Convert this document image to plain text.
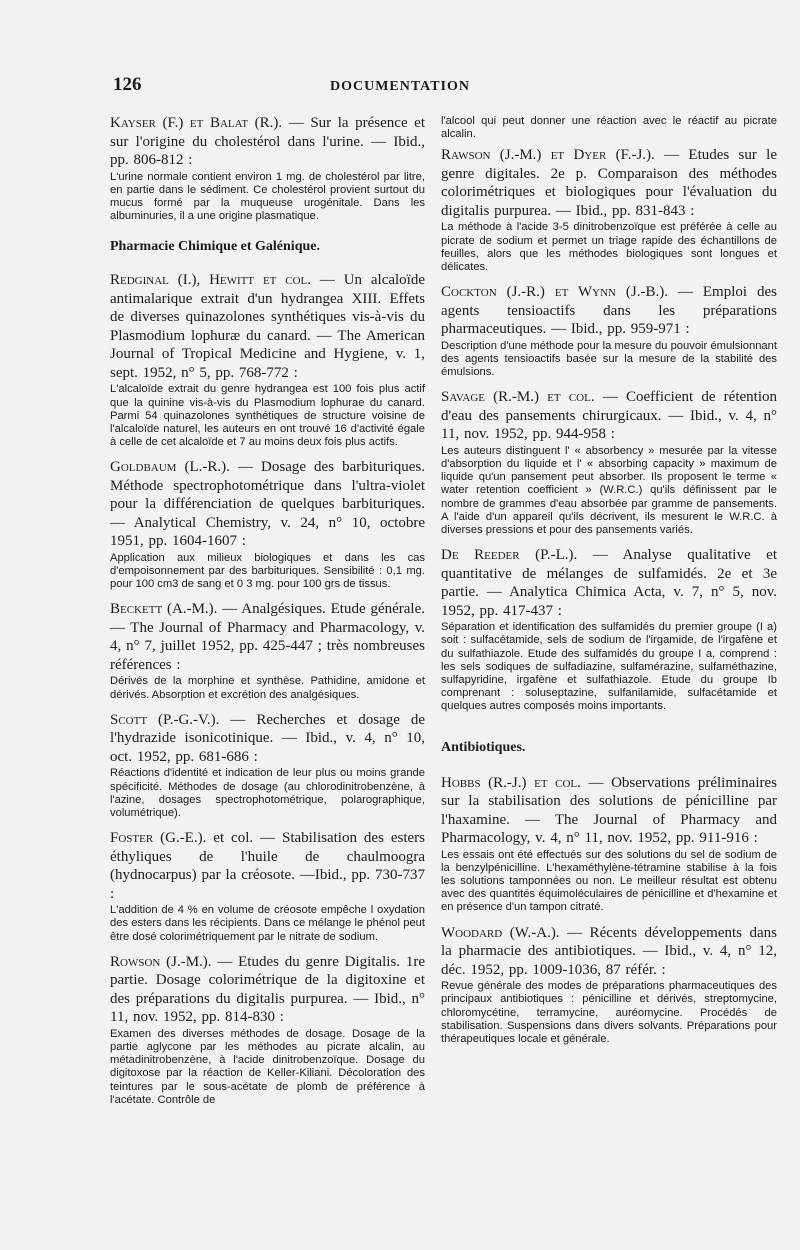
126	DOCUMENTATION
Kayser (F.) et Balat (R.). — Sur la présence et sur l'origine du cholestérol dans l'urine. — Ibid., pp. 806-812 :
L'urine normale contient environ 1 mg. de cholestérol par litre, en partie dans le sédiment. Ce cholestérol provient surtout du mucus formé par la muqueuse urogénitale. Dans les albuminuries, il a une origine plasmatique.
Pharmacie Chimique et Galénique.
Redginal (I.), Hewitt et col. — Un alcaloïde antimalarique extrait d'un hydrangea XIII. Effets de diverses quinazolones synthétiques vis-à-vis du Plasmodium lophuræ du canard. — The American Journal of Tropical Medicine and Hygiene, v. 1, sept. 1952, n° 5, pp. 768-772 :
L'alcaloïde extrait du genre hydrangea est 100 fois plus actif que la quinine vis-à-vis du Plasmodium lophurae du canard. Parmi 54 quinazolones synthétiques de structure voisine de l'alcaloïde naturel, les auteurs en ont trouvé 16 d'activité égale à celle de cet alcaloïde et 7 au moins deux fois plus actifs.
Goldbaum (L.-R.). — Dosage des barbituriques. Méthode spectrophotométrique dans l'ultra-violet pour la différenciation de quelques barbituriques. — Analytical Chemistry, v. 24, n° 10, octobre 1951, pp. 1604-1607 :
Application aux milieux biologiques et dans les cas d'empoisonnement par des barbituriques. Sensibilité : 0,1 mg. pour 100 cm3 de sang et 0 3 mg. pour 100 grs de tissus.
Beckett (A.-M.). — Analgésiques. Etude générale. — The Journal of Pharmacy and Pharmacology, v. 4, n° 7, juillet 1952, pp. 425-447 ; très nombreuses références :
Dérivés de la morphine et synthèse. Pathidine, amidone et dérivés. Absorption et excrétion des analgésiques.
Scott (P.-G.-V.). — Recherches et dosage de l'hydrazide isonicotinique. — Ibid., v. 4, n° 10, oct. 1952, pp. 681-686 :
Réactions d'identité et indication de leur plus ou moins grande spécificité. Méthodes de dosage (au chlorodinitrobenzène, à l'azine, dosages spectrophotométrique, polarographique, volumétrique).
Foster (G.-E.). et col. — Stabilisation des esters éthyliques de l'huile de chaulmoogra (hydnocarpus) par la créosote. —Ibid., pp. 730-737 :
L'addition de 4 % en volume de créosote empêche l oxydation des esters dans les récipients. Dans ce mélange le phénol peut être dosé colorimétriquement par le nitrate de sodium.
Rowson (J.-M.). — Etudes du genre Digitalis. 1re partie. Dosage colorimétrique de la digitoxine et des préparations du digitalis purpurea. — Ibid., n° 11, nov. 1952, pp. 814-830 :
Examen des diverses méthodes de dosage. Dosage de la partie aglycone par les méthodes au picrate alcalin, au métadinitrobenzène, à l'acide dinitrobenzoïque. Dosage du digitoxose par la réaction de Keller-Kiliani. Décoloration des teintures par le sous-acétate de plomb de préférence à l'acétate. Contrôle de
l'alcool qui peut donner une réaction avec le réactif au picrate alcalin.
Rawson (J.-M.) et Dyer (F.-J.). — Etudes sur le genre digitales. 2e p. Comparaison des méthodes colorimétriques et biologiques pour l'évaluation du digitalis purpurea. — Ibid., pp. 831-843 :
La méthode à l'acide 3-5 dinitrobenzoïque est préférée à celle au picrate de sodium et permet un triage rapide des échantillons de feuilles, alors que les méthodes biologiques sont longues et délicates.
Cockton (J.-R.) et Wynn (J.-B.). — Emploi des agents tensioactifs dans les préparations pharmaceutiques. — Ibid., pp. 959-971 :
Description d'une méthode pour la mesure du pouvoir émulsionnant des agents tensioactifs basée sur la mesure de la stabilité des émulsions.
Savage (R.-M.) et col. — Coefficient de rétention d'eau des pansements chirurgicaux. — Ibid., v. 4, n° 11, nov. 1952, pp. 944-958 :
Les auteurs distinguent l' « absorbency » mesurée par la vitesse d'absorption du liquide et l' « absorbing capacity » maximum de liquide qu'un pansement peut absorber. Ils proposent le terme « water retention coefficient » (W.R.C.) qu'ils définissent par le nombre de grammes d'eau absorbée par gramme de pansements. A l'aide d'un appareil qu'ils décrivent, ils mesurent le W.R.C. à diverses pressions et pour des pansements variés.
De Reeder (P.-L.). — Analyse qualitative et quantitative de mélanges de sulfamidés. 2e et 3e partie. — Analytica Chimica Acta, v. 7, n° 5, nov. 1952, pp. 417-437 :
Séparation et identification des sulfamidés du premier groupe (I a) soit : sulfacétamide, sels de sodium de l'irgamide, de l'irgafène et du sulfathiazole. Etude des sulfamidés du groupe I a, comprend : les sels sodiques de sulfadiazine, sulfamérazine, sulfaméthazine, sulfapyridine, irgafène et sulfathiazole. Etude du groupe Ib comprenant : soluseptazine, sulfanilamide, sulfacétamide et quelques autres composés moins importants.
Antibiotiques.
Hobbs (R.-J.) et col. — Observations préliminaires sur la stabilisation des solutions de pénicilline par l'haxamine. — The Journal of Pharmacy and Pharmacology, v. 4, n° 11, nov. 1952, pp. 911-916 :
Les essais ont été effectués sur des solutions du sel de sodium de la benzylpénicilline. L'hexaméthylène-tétramine stabilise à la fois les solutions tamponnées ou non. Le meilleur résultat est obtenu avec des quantités équimoléculaires de pénicilline et d'hexamine et en présence d'un tampon citraté.
Woodard (W.-A.). — Récents développements dans la pharmacie des antibiotiques. — Ibid., v. 4, n° 12, déc. 1952, pp. 1009-1036, 87 référ. :
Revue générale des modes de préparations pharmaceutiques des principaux antibiotiques : pénicilline et dérivés, streptomycine, chloromycétine, terramycine, auréomycine. Procédés de stabilisation. Suspensions dans divers solvants. Préparations pour thérapeutiques locale et générale.
